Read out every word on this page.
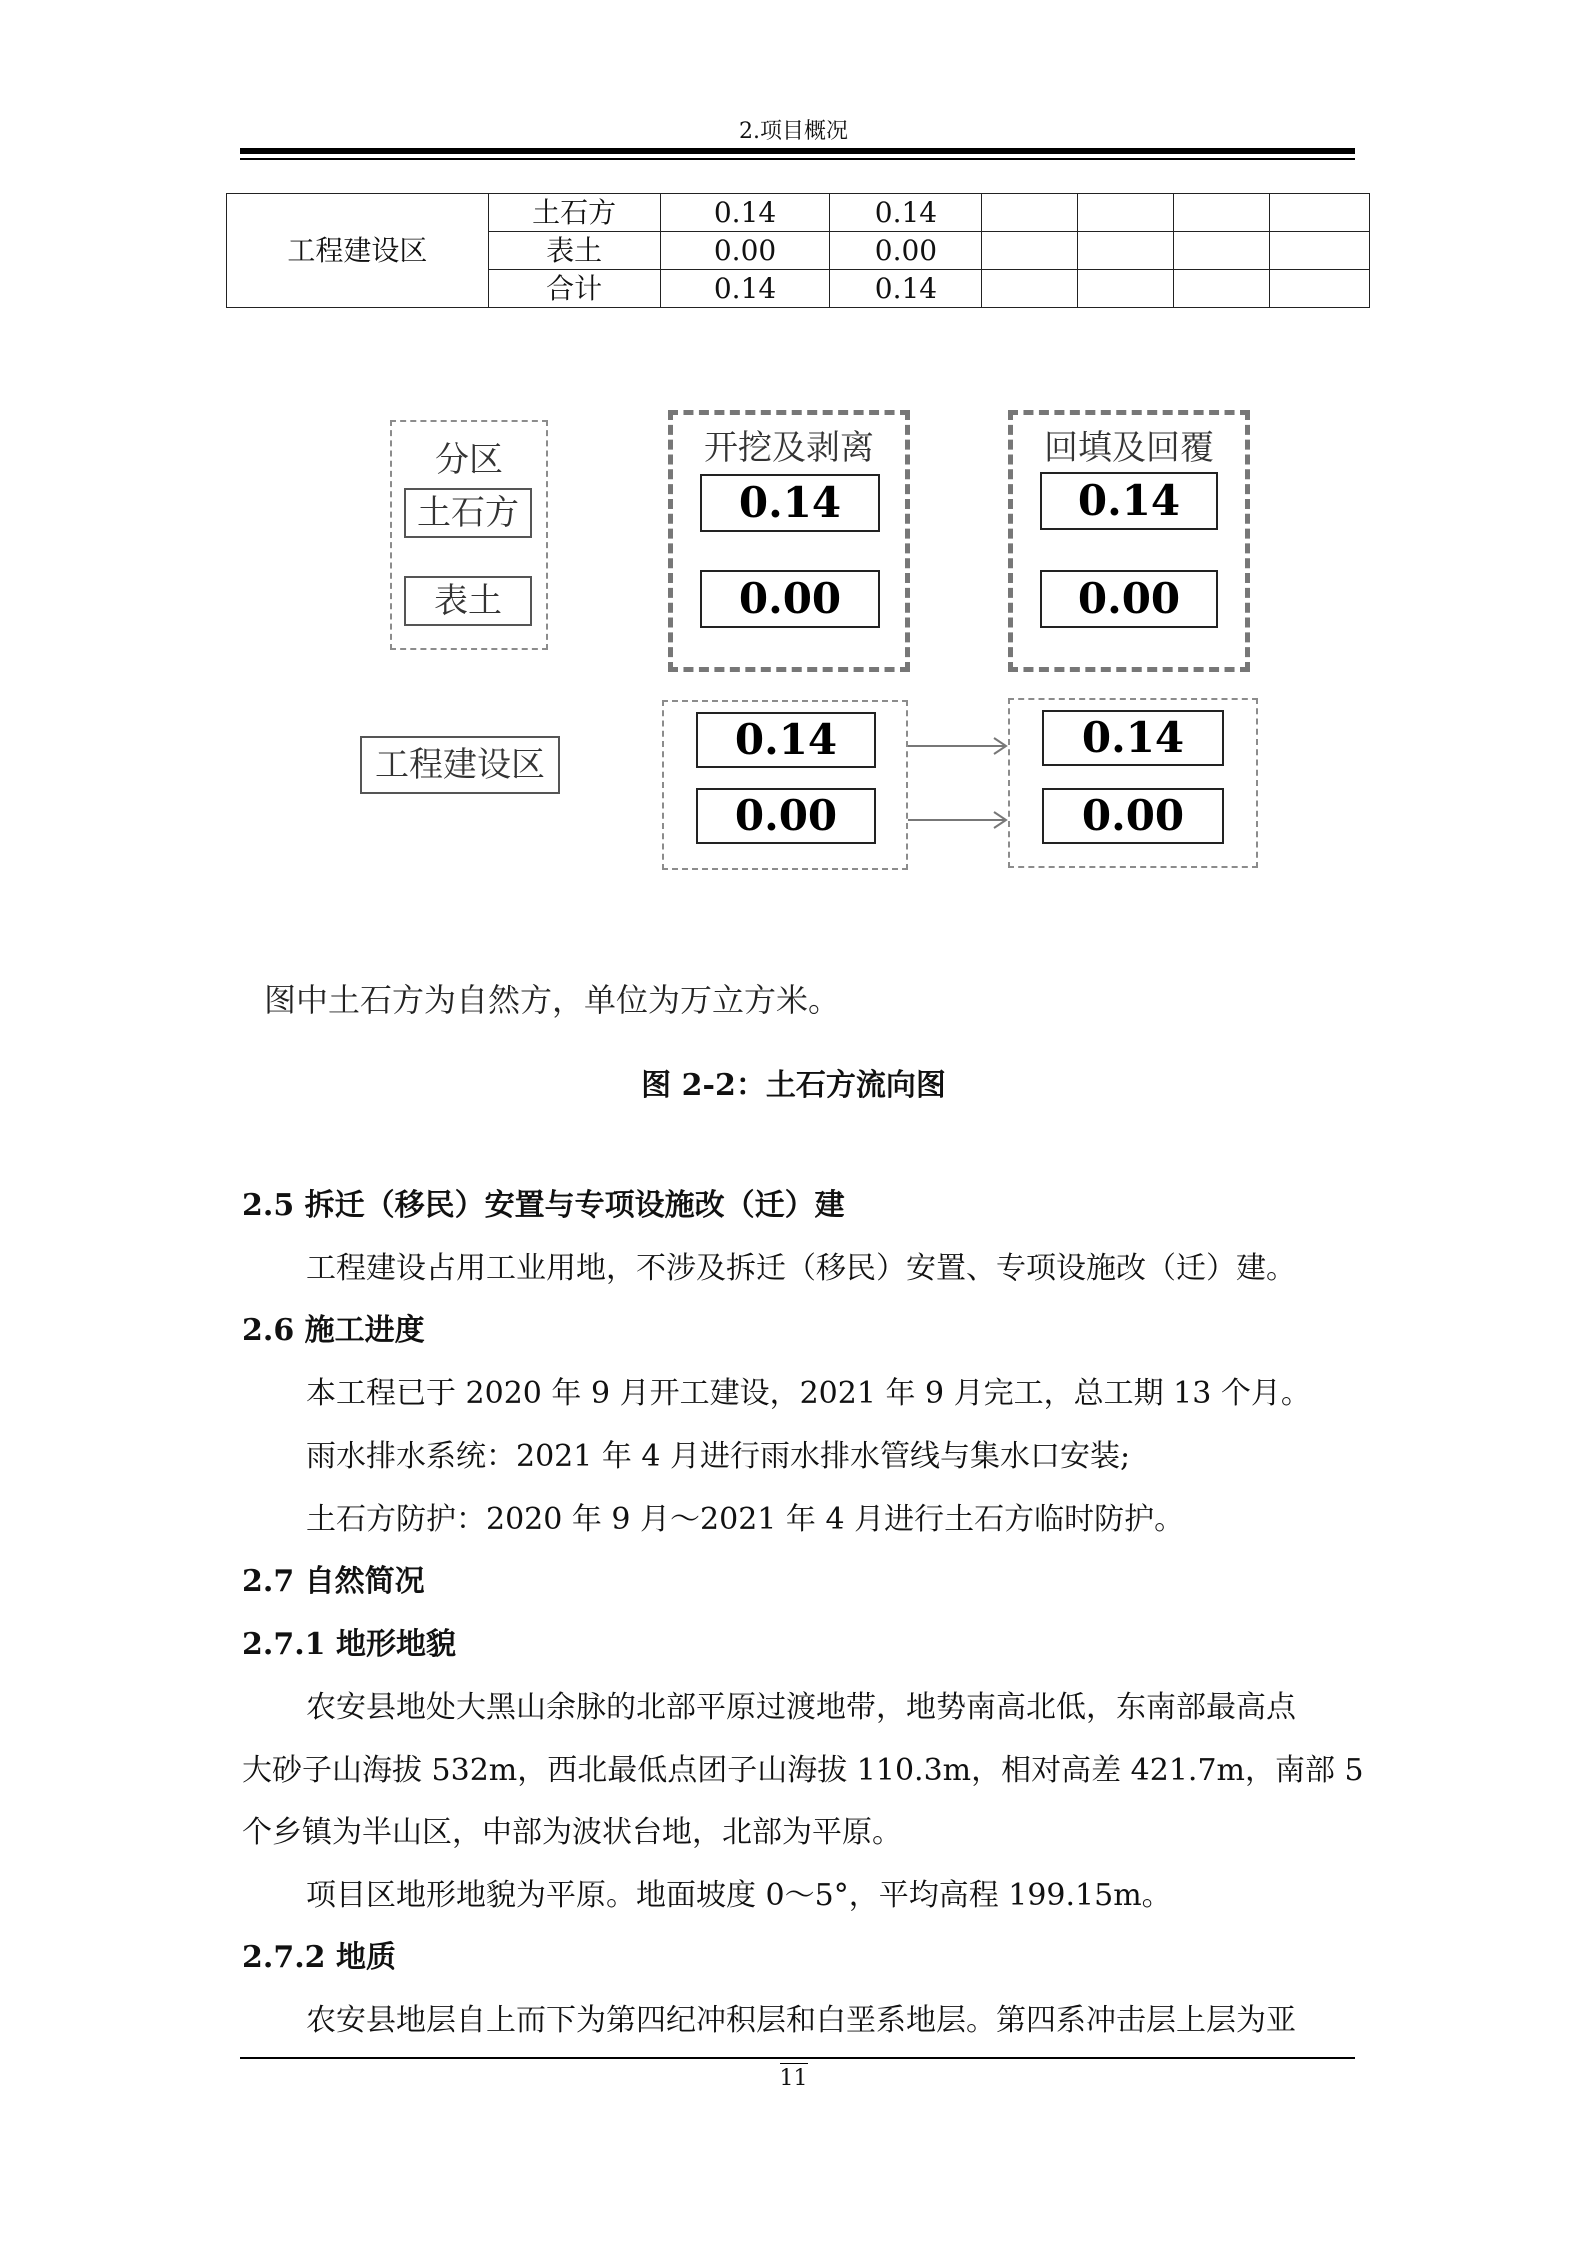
2.项目概况
工程建设区	土石方	0.14	0.14				
	表土	0.00	0.00				
	合计	0.14	0.14				
分区
土石方
表土
开挖及剥离
0.14
0.00
回填及回覆
0.14
0.00
工程建设区
0.14
0.00
0.14
0.00
图中土石方为自然方，单位为万立方米。
图 2-2：土石方流向图
2.5 拆迁（移民）安置与专项设施改（迁）建
工程建设占用工业用地，不涉及拆迁（移民）安置、专项设施改（迁）建。
2.6 施工进度
本工程已于 2020 年 9 月开工建设，2021 年 9 月完工，总工期 13 个月。
雨水排水系统：2021 年 4 月进行雨水排水管线与集水口安装;
土石方防护：2020 年 9 月～2021 年 4 月进行土石方临时防护。
2.7 自然简况
2.7.1 地形地貌
农安县地处大黑山余脉的北部平原过渡地带，地势南高北低，东南部最高点
大砂子山海拔 532m，西北最低点团子山海拔 110.3m，相对高差 421.7m，南部 5
个乡镇为半山区，中部为波状台地，北部为平原。
项目区地形地貌为平原。地面坡度 0～5°，平均高程 199.15m。
2.7.2 地质
农安县地层自上而下为第四纪冲积层和白垩系地层。第四系冲击层上层为亚
11
